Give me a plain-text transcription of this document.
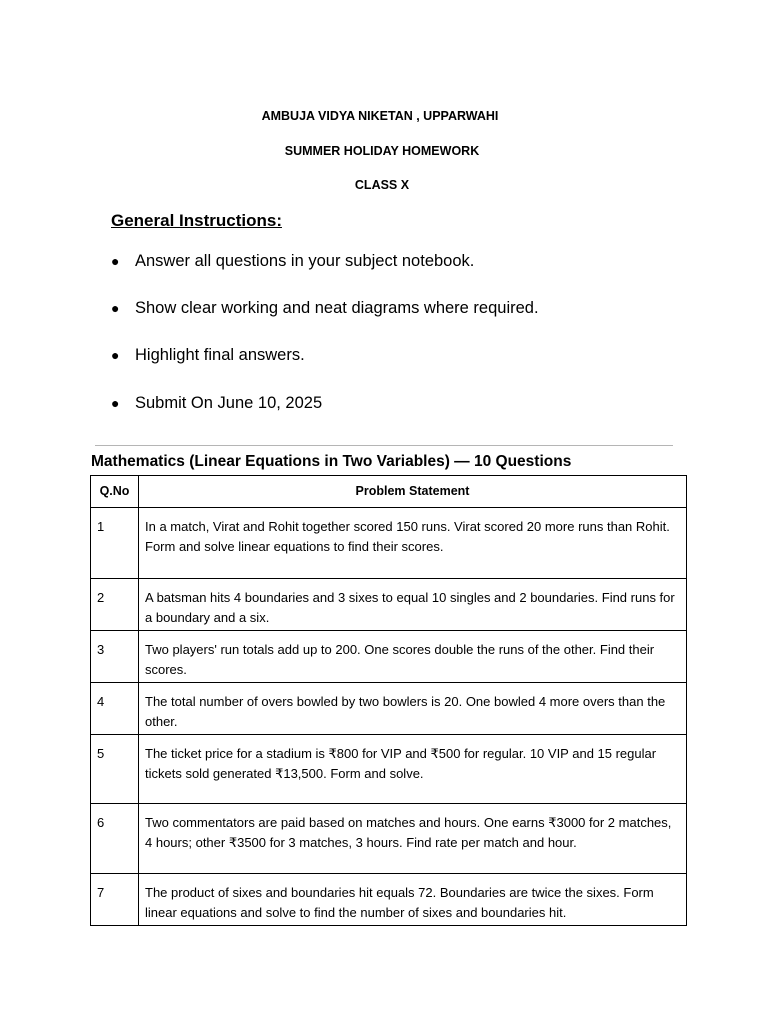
AMBUJA VIDYA NIKETAN , UPPARWAHI
SUMMER HOLIDAY HOMEWORK
CLASS X
General Instructions:
● Answer all questions in your subject notebook.
● Show clear working and neat diagrams where required.
● Highlight final answers.
● Submit On June 10, 2025
Mathematics (Linear Equations in Two Variables) — 10 Questions
Q.No	Problem Statement
1	In a match, Virat and Rohit together scored 150 runs. Virat scored 20 more runs than Rohit. Form and solve linear equations to find their scores.
2	A batsman hits 4 boundaries and 3 sixes to equal 10 singles and 2 boundaries. Find runs for a boundary and a six.
3	Two players' run totals add up to 200. One scores double the runs of the other. Find their scores.
4	The total number of overs bowled by two bowlers is 20. One bowled 4 more overs than the other.
5	The ticket price for a stadium is ₹800 for VIP and ₹500 for regular. 10 VIP and 15 regular tickets sold generated ₹13,500. Form and solve.
6	Two commentators are paid based on matches and hours. One earns ₹3000 for 2 matches, 4 hours; other ₹3500 for 3 matches, 3 hours. Find rate per match and hour.
7	The product of sixes and boundaries hit equals 72. Boundaries are twice the sixes. Form linear equations and solve to find the number of sixes and boundaries hit.
